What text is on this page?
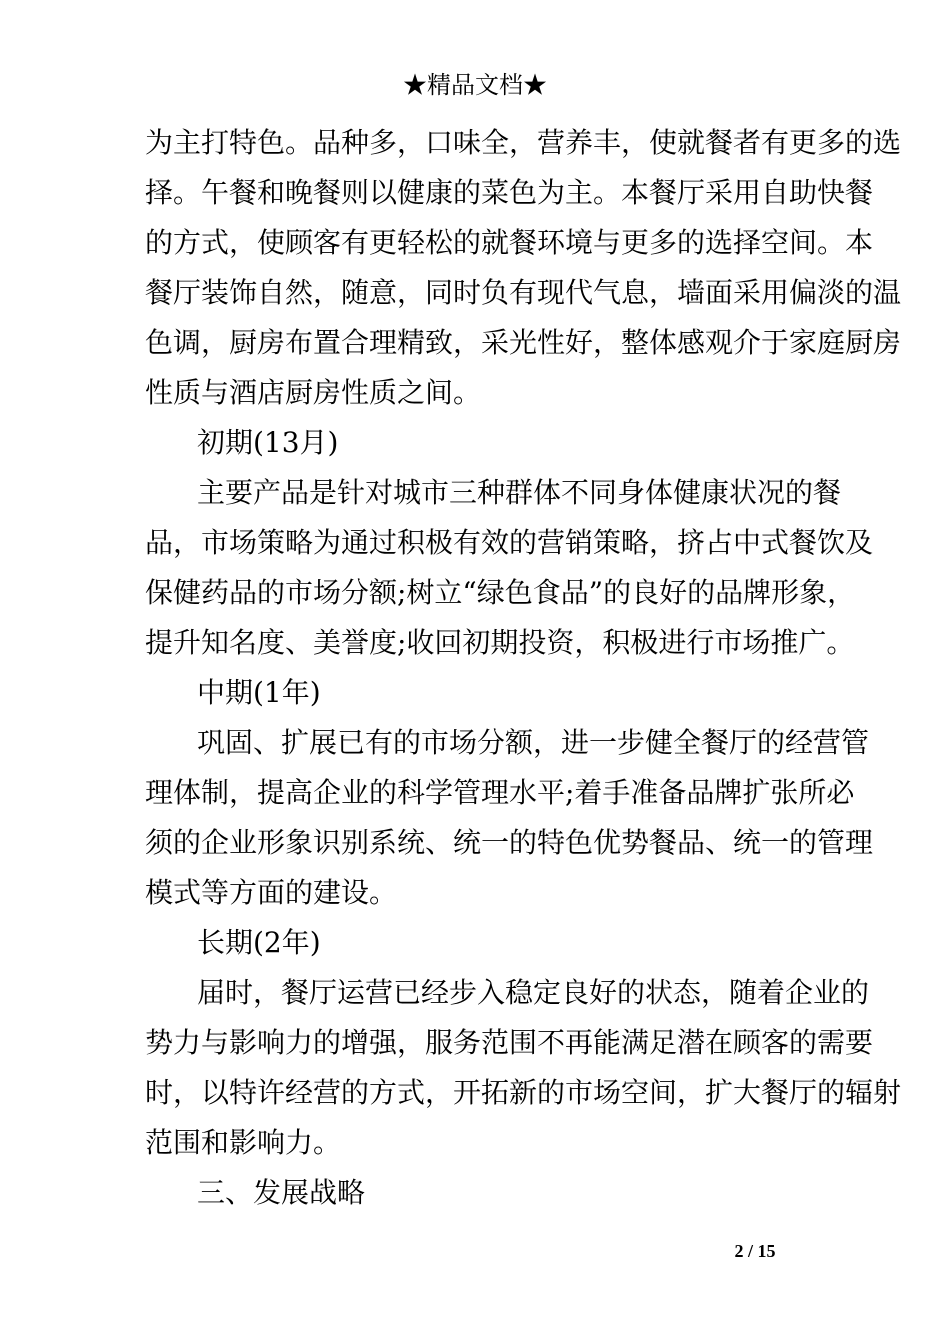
★精品文档★
为主打特色。品种多，口味全，营养丰，使就餐者有更多的选
择。午餐和晚餐则以健康的菜色为主。本餐厅采用自助快餐
的方式，使顾客有更轻松的就餐环境与更多的选择空间。本
餐厅装饰自然，随意，同时负有现代气息，墙面采用偏淡的温
色调，厨房布置合理精致，采光性好，整体感观介于家庭厨房
性质与酒店厨房性质之间。
初期(13月)
主要产品是针对城市三种群体不同身体健康状况的餐
品，市场策略为通过积极有效的营销策略，挤占中式餐饮及
保健药品的市场分额;树立“绿色食品”的良好的品牌形象，
提升知名度、美誉度;收回初期投资，积极进行市场推广。
中期(1年)
巩固、扩展已有的市场分额，进一步健全餐厅的经营管
理体制，提高企业的科学管理水平;着手准备品牌扩张所必
须的企业形象识别系统、统一的特色优势餐品、统一的管理
模式等方面的建设。
长期(2年)
届时，餐厅运营已经步入稳定良好的状态，随着企业的
势力与影响力的增强，服务范围不再能满足潜在顾客的需要
时，以特许经营的方式，开拓新的市场空间，扩大餐厅的辐射
范围和影响力。
三、发展战略
2 / 15
